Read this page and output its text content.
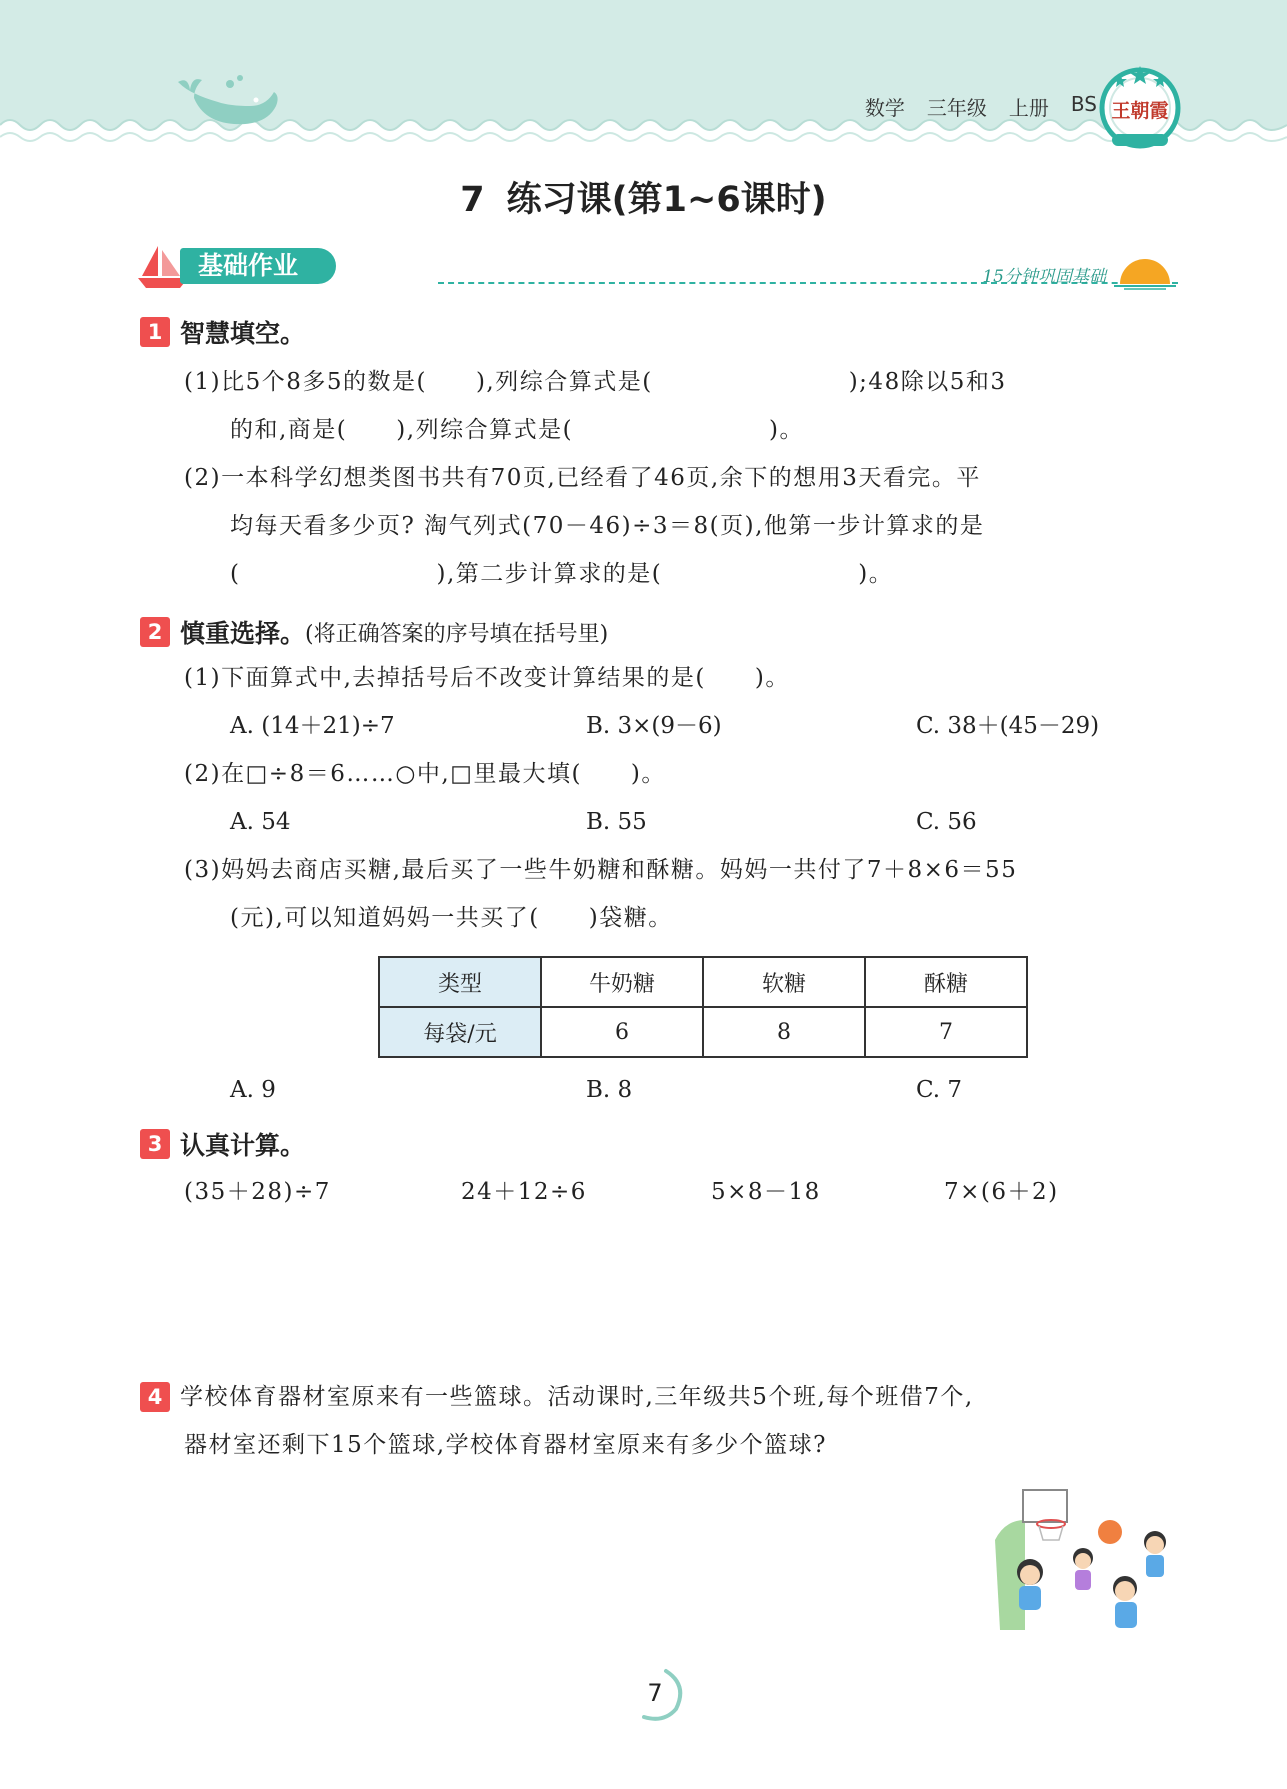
数学 三年级 上册 BS 王朝霞
7 练习课(第1~6课时)
基础作业	15分钟巩固基础
1 智慧填空。
(1)比5个8多5的数是(　　),列综合算式是(　　　　　　　　);48除以5和3
的和,商是(　　),列综合算式是(　　　　　　　　)。
(2)一本科学幻想类图书共有70页,已经看了46页,余下的想用3天看完。平
均每天看多少页? 淘气列式(70－46)÷3＝8(页),他第一步计算求的是
(　　　　　　　　),第二步计算求的是(　　　　　　　　)。
2 慎重选择。 (将正确答案的序号填在括号里)
(1)下面算式中,去掉括号后不改变计算结果的是(　　)。
A. (14＋21)÷7	B. 3×(9－6)	C. 38＋(45－29)
(2)在□÷8＝6……○中,□里最大填(　　)。
A. 54	B. 55	C. 56
(3)妈妈去商店买糖,最后买了一些牛奶糖和酥糖。妈妈一共付了7＋8×6＝55
(元),可以知道妈妈一共买了(　　)袋糖。
类型	牛奶糖	软糖	酥糖
每袋/元	6	8	7
A. 9	B. 8	C. 7
3 认真计算。
(35＋28)÷7	24＋12÷6	5×8－18	7×(6＋2)
4 学校体育器材室原来有一些篮球。活动课时,三年级共5个班,每个班借7个,
器材室还剩下15个篮球,学校体育器材室原来有多少个篮球?
7
